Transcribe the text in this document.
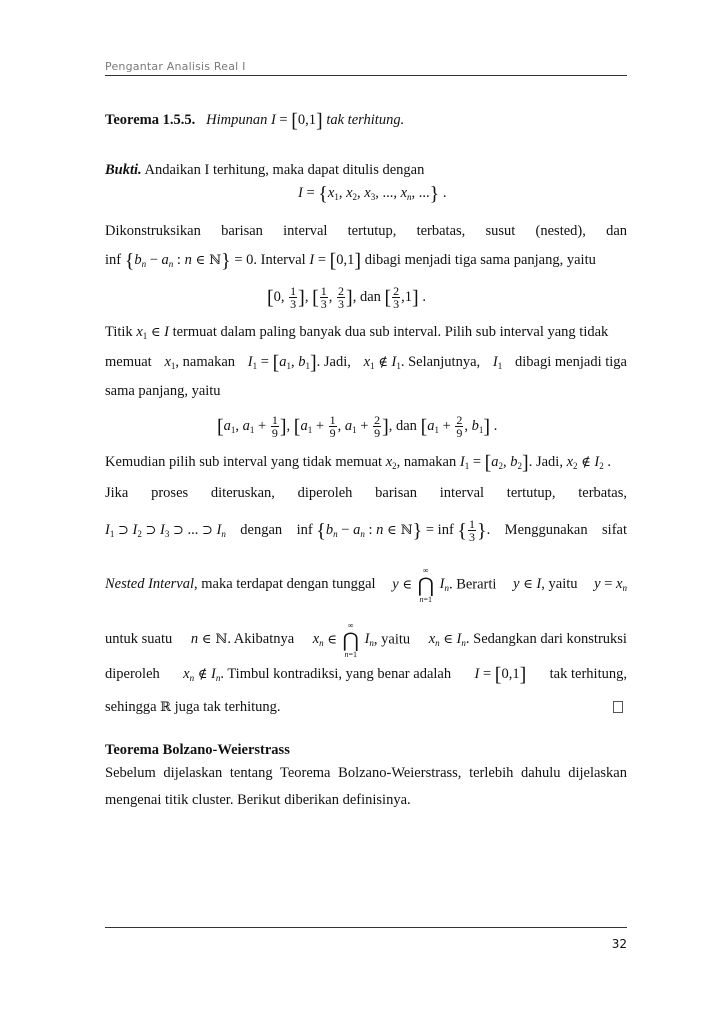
Pengantar Analisis Real I
Teorema 1.5.5. Himpunan I = [0,1] tak terhitung.
Bukti. Andaikan I terhitung, maka dapat ditulis dengan
$I = \{x_1$, $x_2$, $x_3$, ..., $x_n$, ...} .
Dikonstruksikan barisan interval tertutup, terbatas, susut (nested), dan
inf {$b_n - a_n$ : n ∈ ℕ} = 0. Interval I = [0,1] dibagi menjadi tiga sama panjang, yaitu
[0, $\frac{1}{3}$ ], [ $\frac{1}{3}$ , $\frac{2}{3}$ ], dan [ $\frac{2}{3} ,1$] .
Titik $x_1$ ∈ I termuat dalam paling banyak dua sub interval. Pilih sub interval yang tidak
memuat $x_1$, namakan $I_1 = [a_1$, $b_1$]. Jadi, $x_1$ ∉ $I_1$. Selanjutnya, $I_1$ dibagi menjadi tiga
sama panjang, yaitu
[$a_1$, $a_1 + \frac{1}{9}$ ], [$a_1 + \frac{1}{9}$ , $a_1 + \frac{2}{9}$ ], dan [$a_1 + \frac{2}{9}$ , $b_1$] .
Kemudian pilih sub interval yang tidak memuat $x_2$, namakan $I_1 = [a_2$, $b_2$]. Jadi, $x_2$ ∉ $I_2$ .
Jika proses diteruskan, diperoleh barisan interval tertutup, terbatas,
$I_1$ ⊃ $I_2$ ⊃ $I_3$ ⊃ ... ⊃ $I_n$ dengan inf {$b_n - a_n$ : n ∈ ℕ} = inf { $\frac{1}{3}$ }. Menggunakan sifat
Nested Interval, maka terdapat dengan tunggal y ∈ ∞
⋂
n=1 $I_n$. Berarti y ∈ I, yaitu $y = x_n$
untuk suatu n ∈ ℕ. Akibatnya $x_n$ ∈ ∞
⋂
n=1 $I_n$, yaitu $x_n$ ∈ $I_n$. Sedangkan dari konstruksi
diperoleh $x_n$ ∉ $I_n$. Timbul kontradiksi, yang benar adalah I = [0,1] tak terhitung,
sehingga ℝ juga tak terhitung.
Teorema Bolzano-Weierstrass
Sebelum dijelaskan tentang Teorema Bolzano-Weierstrass, terlebih dahulu dijelaskan
mengenai titik cluster. Berikut diberikan definisinya.
32
